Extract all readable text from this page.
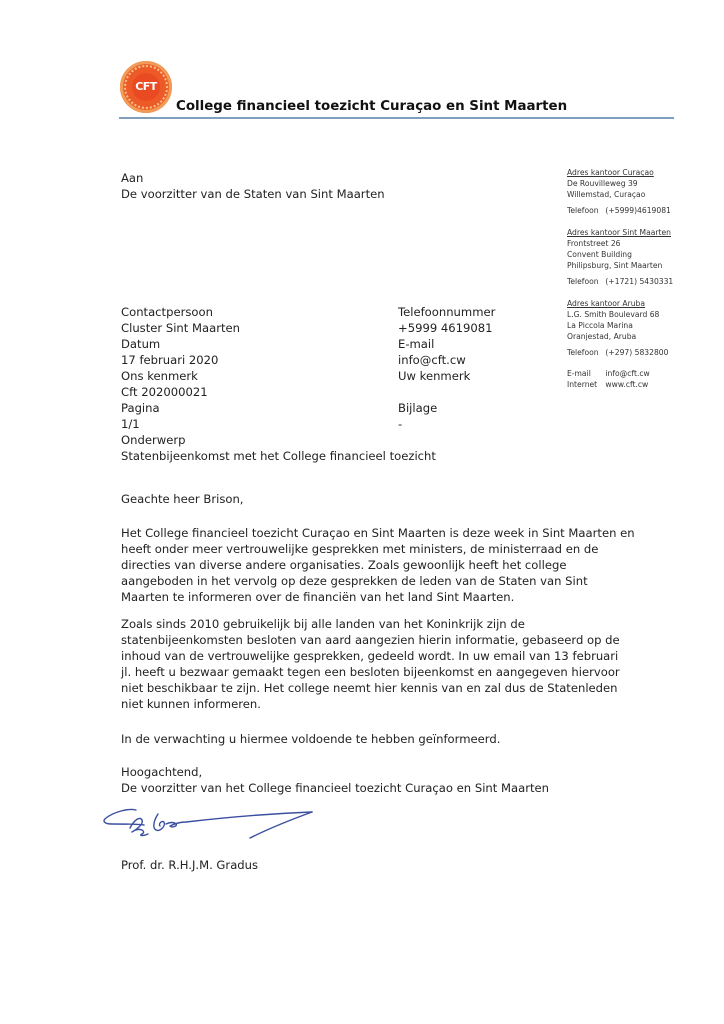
CFT
College financieel toezicht Curaçao en Sint Maarten
Aan
De voorzitter van de Staten van Sint Maarten
Adres kantoor Curaçao
De Rouvilleweg 39
Willemstad, Curaçao
Telefoon (+5999)4619081
Adres kantoor Sint Maarten
Frontstreet 26
Convent Building
Philipsburg, Sint Maarten
Telefoon (+1721) 5430331
Adres kantoor Aruba
L.G. Smith Boulevard 68
La Piccola Marina
Oranjestad, Aruba
Telefoon (+297) 5832800
E-mail info@cft.cw
Internet www.cft.cw
Contactpersoon
Cluster Sint Maarten
Datum
17 februari 2020
Ons kenmerk
Cft 202000021
Pagina
1/1
Onderwerp
Statenbijeenkomst met het College financieel toezicht
Telefoonnummer
+5999 4619081
E-mail
info@cft.cw
Uw kenmerk
Bijlage
-
Geachte heer Brison,
Het College financieel toezicht Curaçao en Sint Maarten is deze week in Sint Maarten en
heeft onder meer vertrouwelijke gesprekken met ministers, de ministerraad en de
directies van diverse andere organisaties. Zoals gewoonlijk heeft het college
aangeboden in het vervolg op deze gesprekken de leden van de Staten van Sint
Maarten te informeren over de financiën van het land Sint Maarten.
Zoals sinds 2010 gebruikelijk bij alle landen van het Koninkrijk zijn de
statenbijeenkomsten besloten van aard aangezien hierin informatie, gebaseerd op de
inhoud van de vertrouwelijke gesprekken, gedeeld wordt. In uw email van 13 februari
jl. heeft u bezwaar gemaakt tegen een besloten bijeenkomst en aangegeven hiervoor
niet beschikbaar te zijn. Het college neemt hier kennis van en zal dus de Statenleden
niet kunnen informeren.
In de verwachting u hiermee voldoende te hebben geïnformeerd.
Hoogachtend,
De voorzitter van het College financieel toezicht Curaçao en Sint Maarten
Prof. dr. R.H.J.M. Gradus
